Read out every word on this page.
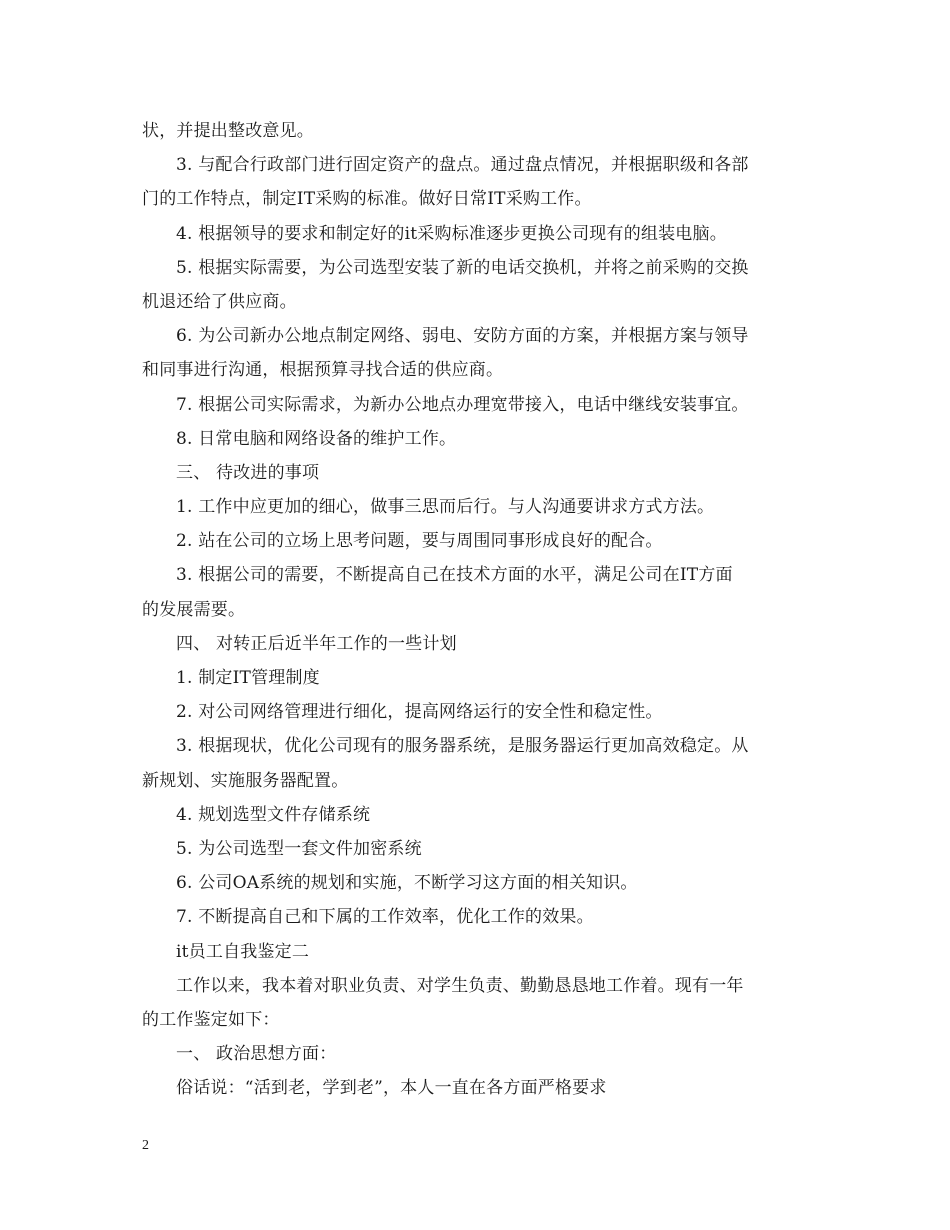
状，并提出整改意见。
3. 与配合行政部门进行固定资产的盘点。通过盘点情况，并根据职级和各部
门的工作特点，制定IT采购的标准。做好日常IT采购工作。
4. 根据领导的要求和制定好的it采购标准逐步更换公司现有的组装电脑。
5. 根据实际需要，为公司选型安装了新的电话交换机，并将之前采购的交换
机退还给了供应商。
6. 为公司新办公地点制定网络、弱电、安防方面的方案，并根据方案与领导
和同事进行沟通，根据预算寻找合适的供应商。
7. 根据公司实际需求，为新办公地点办理宽带接入，电话中继线安装事宜。
8. 日常电脑和网络设备的维护工作。
三、 待改进的事项
1. 工作中应更加的细心，做事三思而后行。与人沟通要讲求方式方法。
2. 站在公司的立场上思考问题，要与周围同事形成良好的配合。
3. 根据公司的需要，不断提高自己在技术方面的水平，满足公司在IT方面
的发展需要。
四、 对转正后近半年工作的一些计划
1. 制定IT管理制度
2. 对公司网络管理进行细化，提高网络运行的安全性和稳定性。
3. 根据现状，优化公司现有的服务器系统，是服务器运行更加高效稳定。从
新规划、实施服务器配置。
4. 规划选型文件存储系统
5. 为公司选型一套文件加密系统
6. 公司OA系统的规划和实施，不断学习这方面的相关知识。
7. 不断提高自己和下属的工作效率，优化工作的效果。
it员工自我鉴定二
工作以来，我本着对职业负责、对学生负责、勤勤恳恳地工作着。现有一年
的工作鉴定如下：
一、 政治思想方面：
俗话说：“活到老，学到老”，本人一直在各方面严格要求
2
